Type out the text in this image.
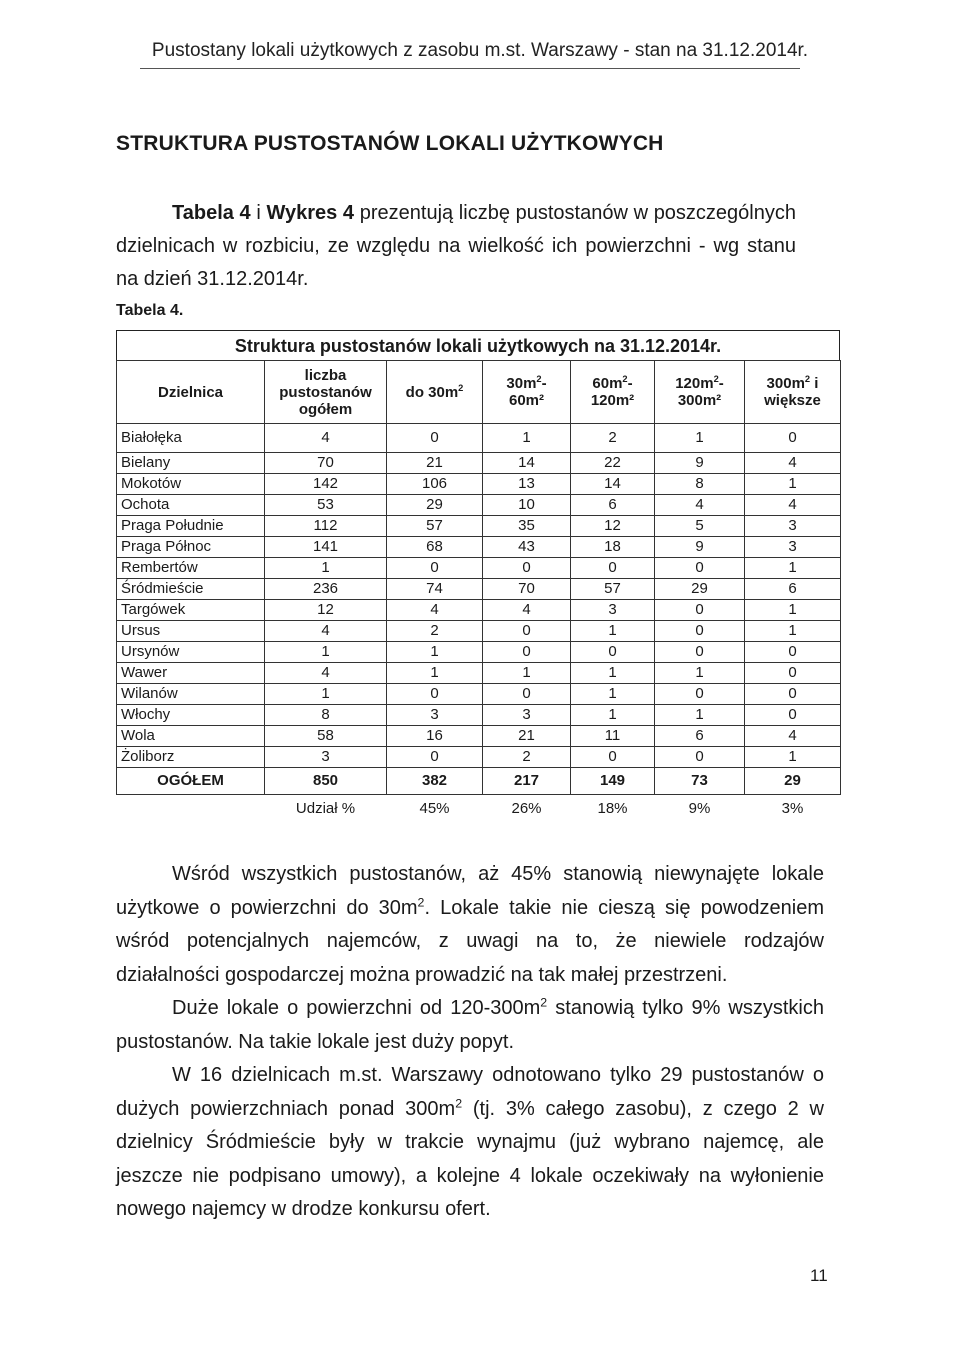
Pustostany lokali użytkowych z zasobu m.st. Warszawy - stan na 31.12.2014r.
STRUKTURA PUSTOSTANÓW LOKALI UŻYTKOWYCH
Tabela 4 i Wykres 4 prezentują liczbę pustostanów w poszczególnych dzielnicach w rozbiciu, ze względu na wielkość ich powierzchni - wg stanu na dzień 31.12.2014r.
Tabela 4.
Struktura pustostanów lokali użytkowych na 31.12.2014r.
Dzielnica	liczba pustostanów ogółem	do $30m^2$	$30m^2-$ 60m²	$60m^2-$ 120m²	$120m^2-$ 300m²	$300m^2$ i większe
Białołęka	4	0	1	2	1	0
Bielany	70	21	14	22	9	4
Mokotów	142	106	13	14	8	1
Ochota	53	29	10	6	4	4
Praga Południe	112	57	35	12	5	3
Praga Północ	141	68	43	18	9	3
Rembertów	1	0	0	0	0	1
Śródmieście	236	74	70	57	29	6
Targówek	12	4	4	3	0	1
Ursus	4	2	0	1	0	1
Ursynów	1	1	0	0	0	0
Wawer	4	1	1	1	1	0
Wilanów	1	0	0	1	0	0
Włochy	8	3	3	1	1	0
Wola	58	16	21	11	6	4
Żoliborz	3	0	2	0	0	1
OGÓŁEM	850	382	217	149	73	29
	Udział %	45%	26%	18%	9%	3%

Wśród wszystkich pustostanów, aż 45% stanowią niewynajęte lokale użytkowe o powierzchni do $30m^2$. Lokale takie nie cieszą się powodzeniem wśród potencjalnych najemców, z uwagi na to, że niewiele rodzajów działalności gospodarczej można prowadzić na tak małej przestrzeni.

Duże lokale o powierzchni od $120-300m^2$ stanowią tylko 9% wszystkich pustostanów. Na takie lokale jest duży popyt.

W 16 dzielnicach m.st. Warszawy odnotowano tylko 29 pustostanów o dużych powierzchniach ponad $300m^2$ (tj. 3% całego zasobu), z czego 2 w dzielnicy Śródmieście były w trakcie wynajmu (już wybrano najemcę, ale jeszcze nie podpisano umowy), a kolejne 4 lokale oczekiwały na wyłonienie nowego najemcy w drodze konkursu ofert.

11
